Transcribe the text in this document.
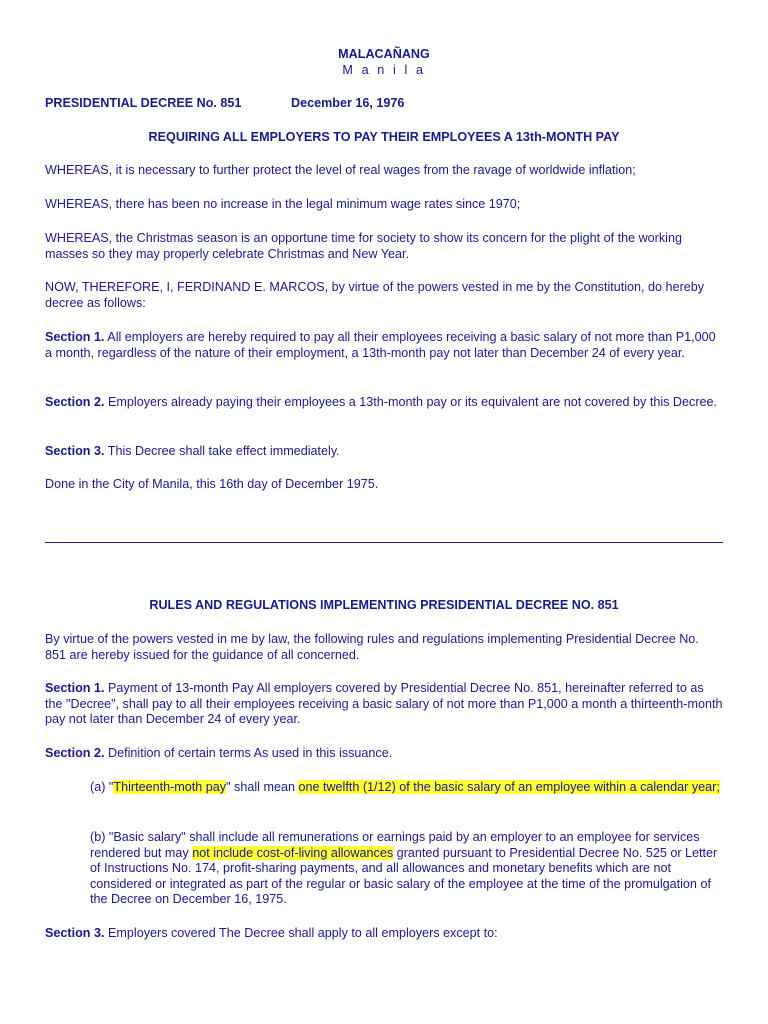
MALACAÑANG

M a n i l a

PRESIDENTIAL DECREE No. 851	December 16, 1976

REQUIRING ALL EMPLOYERS TO PAY THEIR EMPLOYEES A 13th-MONTH PAY

WHEREAS, it is necessary to further protect the level of real wages from the ravage of worldwide inflation;

WHEREAS, there has been no increase in the legal minimum wage rates since 1970;

WHEREAS, the Christmas season is an opportune time for society to show its concern for the plight of the working masses so they may properly celebrate Christmas and New Year.

NOW, THEREFORE, I, FERDINAND E. MARCOS, by virtue of the powers vested in me by the Constitution, do hereby decree as follows:

Section 1. All employers are hereby required to pay all their employees receiving a basic salary of not more than P1,000 a month, regardless of the nature of their employment, a 13th-month pay not later than December 24 of every year.

Section 2. Employers already paying their employees a 13th-month pay or its equivalent are not covered by this Decree.

Section 3. This Decree shall take effect immediately.

Done in the City of Manila, this 16th day of December 1975.

RULES AND REGULATIONS IMPLEMENTING PRESIDENTIAL DECREE NO. 851

By virtue of the powers vested in me by law, the following rules and regulations implementing Presidential Decree No. 851 are hereby issued for the guidance of all concerned.

Section 1. Payment of 13-month Pay All employers covered by Presidential Decree No. 851, hereinafter referred to as the "Decree", shall pay to all their employees receiving a basic salary of not more than P1,000 a month a thirteenth-month pay not later than December 24 of every year.

Section 2. Definition of certain terms As used in this issuance.

(a) "Thirteenth-moth pay" shall mean one twelfth (1/12) of the basic salary of an employee within a calendar year;

(b) "Basic salary" shall include all remunerations or earnings paid by an employer to an employee for services rendered but may not include cost-of-living allowances granted pursuant to Presidential Decree No. 525 or Letter of Instructions No. 174, profit-sharing payments, and all allowances and monetary benefits which are not considered or integrated as part of the regular or basic salary of the employee at the time of the promulgation of the Decree on December 16, 1975.

Section 3. Employers covered The Decree shall apply to all employers except to:
